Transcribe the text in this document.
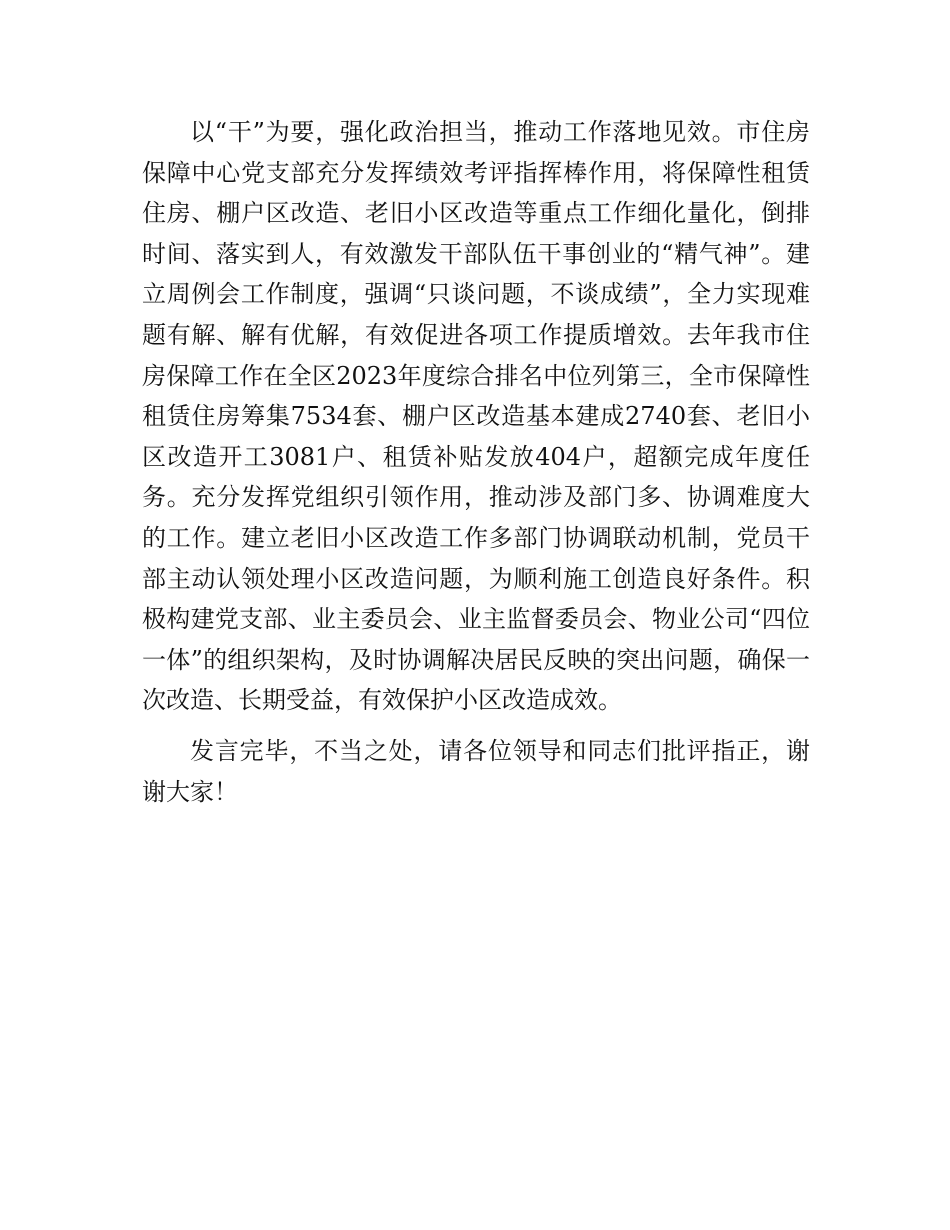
以“干”为要，强化政治担当，推动工作落地见效。市住房保障中心党支部充分发挥绩效考评指挥棒作用，将保障性租赁住房、棚户区改造、老旧小区改造等重点工作细化量化，倒排时间、落实到人，有效激发干部队伍干事创业的“精气神”。建立周例会工作制度，强调“只谈问题，不谈成绩”，全力实现难题有解、解有优解，有效促进各项工作提质增效。去年我市住房保障工作在全区2023年度综合排名中位列第三，全市保障性租赁住房筹集7534套、棚户区改造基本建成2740套、老旧小区改造开工3081户、租赁补贴发放404户，超额完成年度任务。充分发挥党组织引领作用，推动涉及部门多、协调难度大的工作。建立老旧小区改造工作多部门协调联动机制，党员干部主动认领处理小区改造问题，为顺利施工创造良好条件。积极构建党支部、业主委员会、业主监督委员会、物业公司“四位一体”的组织架构，及时协调解决居民反映的突出问题，确保一次改造、长期受益，有效保护小区改造成效。

发言完毕，不当之处，请各位领导和同志们批评指正，谢谢大家！
